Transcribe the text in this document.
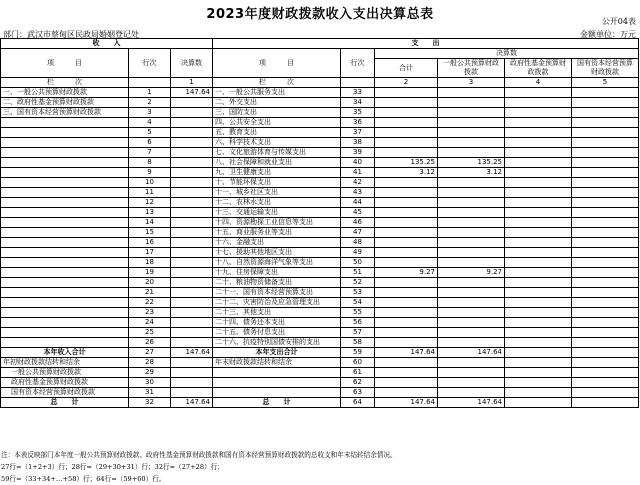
2023年度财政拨款收入支出决算总表	公开04表
部门：武汉市蔡甸区民政局婚姻登记处	金额单位：万元
收　　入			支　　出					
项　　　目	行次	决算数	项　　　目	行次	决算数			
					合计	一般公共预算财政拨款	政府性基金预算财政拨款	国有资本经营预算财政拨款

栏　　　次		1	栏　　　次		2	3	4	5
一、一般公共预算财政拨款	1	147.64	一、一般公共服务支出	33				
二、政府性基金预算财政拨款	2		二、外交支出	34				
三、国有资本经营预算财政拨款	3		三、国防支出	35				
	4		四、公共安全支出	36				
	5		五、教育支出	37				
	6		六、科学技术支出	38				
	7		七、文化旅游体育与传媒支出	39				
	8		八、社会保障和就业支出	40	135.25	135.25		
	9		九、卫生健康支出	41	3.12	3.12		
	10		十、节能环保支出	42				
	11		十一、城乡社区支出	43				
	12		十二、农林水支出	44				
	13		十三、交通运输支出	45				
	14		十四、资源勘探工业信息等支出	46				
	15		十五、商业服务业等支出	47				
	16		十六、金融支出	48				
	17		十七、援助其他地区支出	49				
	18		十八、自然资源海洋气象等支出	50				
	19		十九、住房保障支出	51	9.27	9.27		
	20		二十、粮油物资储备支出	52				
	21		二十一、国有资本经营预算支出	53				
	22		二十二、灾害防治及应急管理支出	54				
	23		二十三、其他支出	55				
	24		二十四、债务还本支出	56				
	25		二十五、债务付息支出	57				
	26		二十六、抗疫特别国债安排的支出	58				
本年收入合计	27	147.64	本年支出合计	59	147.64	147.64		
年初财政拨款结转和结余	28		年末财政拨款结转和结余	60				
一般公共预算财政拨款	29			61				
政府性基金预算财政拨款	30			62				
国有资本经营预算财政拨款	31			63				
总　　计	32	147.64	总　　计	64	147.64	147.64		
注：本表反映部门本年度一般公共预算财政拨款、政府性基金预算财政拨款和国有资本经营预算财政拨款的总收支和年末结转结余情况。
27行=（1+2+3）行；28行=（29+30+31）行；32行=（27+28）行；
59行=（33+34+…+58）行；64行=（59+60）行。
